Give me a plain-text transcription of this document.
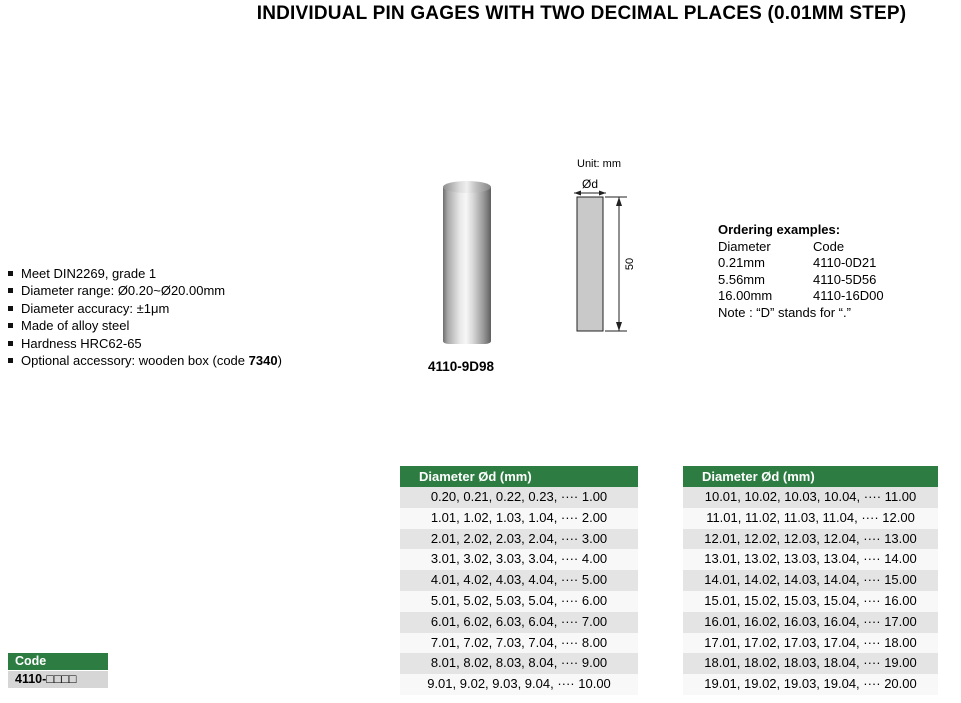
INDIVIDUAL PIN GAGES WITH TWO DECIMAL PLACES (0.01MM STEP)
Meet DIN2269, grade 1
Diameter range: Ø0.20~Ø20.00mm
Diameter accuracy: ±1μm
Made of alloy steel
Hardness HRC62-65
Optional accessory: wooden box (code 7340)	4110-9D98
Unit: mm
Ød
50
Ordering examples:
Diameter	Code
0.21mm	4110-0D21
5.56mm	4110-5D56
16.00mm	4110-16D00
Note : “D” stands for “.”
Diameter Ød (mm)
0.20, 0.21, 0.22, 0.23, ···· 1.00
1.01, 1.02, 1.03, 1.04, ···· 2.00
2.01, 2.02, 2.03, 2.04, ···· 3.00
3.01, 3.02, 3.03, 3.04, ···· 4.00
4.01, 4.02, 4.03, 4.04, ···· 5.00
5.01, 5.02, 5.03, 5.04, ···· 6.00
6.01, 6.02, 6.03, 6.04, ···· 7.00
7.01, 7.02, 7.03, 7.04, ···· 8.00
8.01, 8.02, 8.03, 8.04, ···· 9.00
9.01, 9.02, 9.03, 9.04, ···· 10.00
Diameter Ød (mm)
10.01, 10.02, 10.03, 10.04, ···· 11.00
11.01, 11.02, 11.03, 11.04, ···· 12.00
12.01, 12.02, 12.03, 12.04, ···· 13.00
13.01, 13.02, 13.03, 13.04, ···· 14.00
14.01, 14.02, 14.03, 14.04, ···· 15.00
15.01, 15.02, 15.03, 15.04, ···· 16.00
16.01, 16.02, 16.03, 16.04, ···· 17.00
17.01, 17.02, 17.03, 17.04, ···· 18.00
18.01, 18.02, 18.03, 18.04, ···· 19.00
19.01, 19.02, 19.03, 19.04, ···· 20.00
Code
4110-□□□□
